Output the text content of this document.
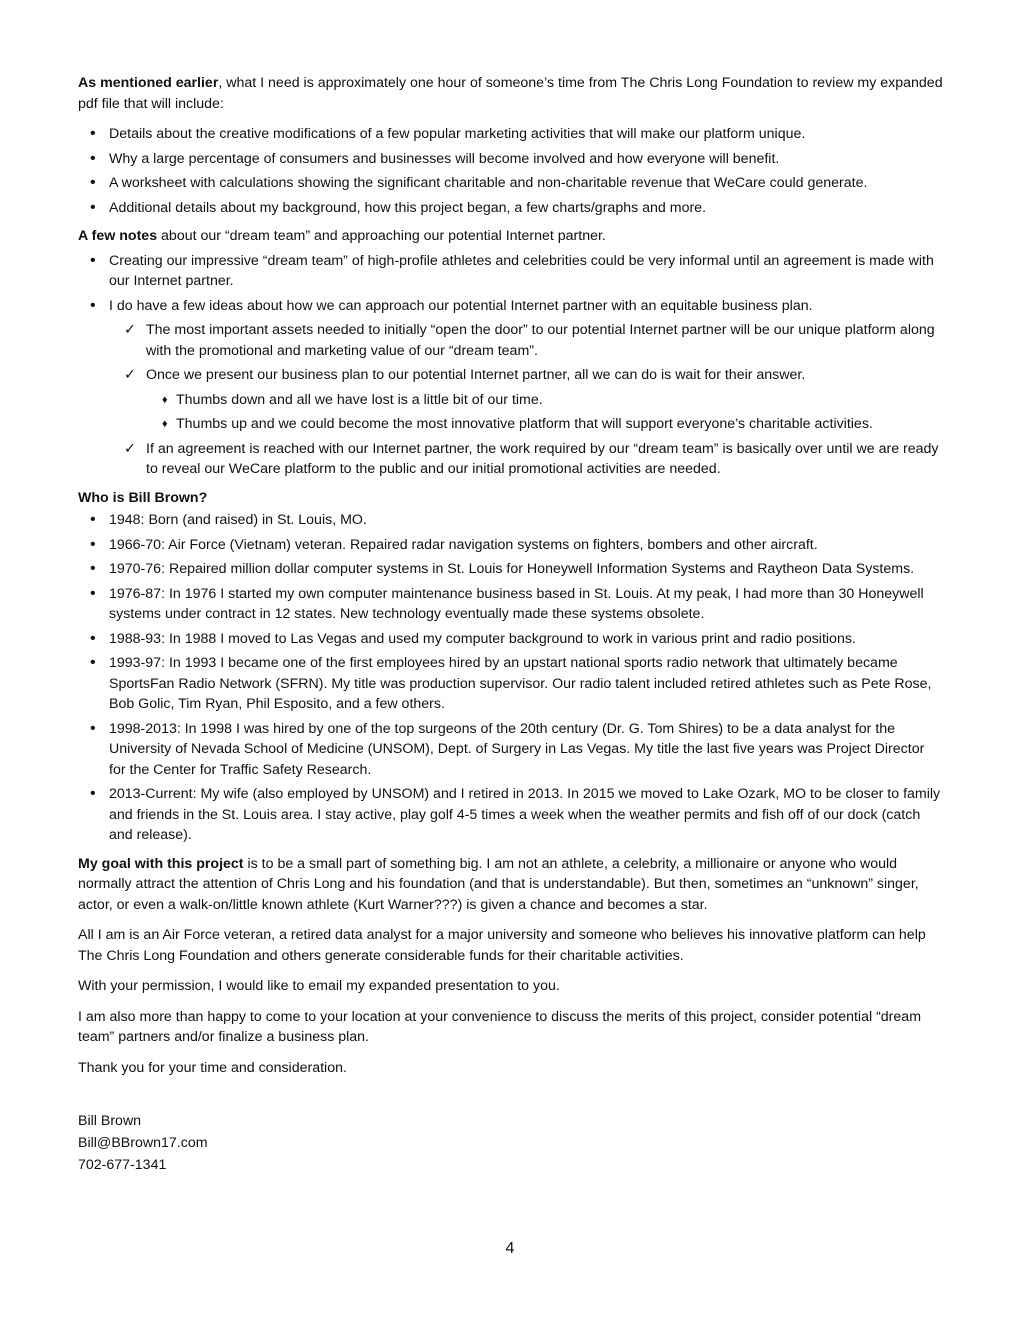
As mentioned earlier, what I need is approximately one hour of someone’s time from The Chris Long Foundation to review my expanded pdf file that will include:

• Details about the creative modifications of a few popular marketing activities that will make our platform unique.
• Why a large percentage of consumers and businesses will become involved and how everyone will benefit.
• A worksheet with calculations showing the significant charitable and non-charitable revenue that WeCare could generate.
• Additional details about my background, how this project began, a few charts/graphs and more.

A few notes about our “dream team” and approaching our potential Internet partner.

• Creating our impressive “dream team” of high-profile athletes and celebrities could be very informal until an agreement is made with our Internet partner.
• I do have a few ideas about how we can approach our potential Internet partner with an equitable business plan.
✓ The most important assets needed to initially “open the door” to our potential Internet partner will be our unique platform along with the promotional and marketing value of our “dream team”.
✓ Once we present our business plan to our potential Internet partner, all we can do is wait for their answer.
♦ Thumbs down and all we have lost is a little bit of our time.
♦ Thumbs up and we could become the most innovative platform that will support everyone’s charitable activities.
✓ If an agreement is reached with our Internet partner, the work required by our “dream team” is basically over until we are ready to reveal our WeCare platform to the public and our initial promotional activities are needed.

Who is Bill Brown?

• 1948: Born (and raised) in St. Louis, MO.
• 1966-70: Air Force (Vietnam) veteran. Repaired radar navigation systems on fighters, bombers and other aircraft.
• 1970-76: Repaired million dollar computer systems in St. Louis for Honeywell Information Systems and Raytheon Data Systems.
• 1976-87: In 1976 I started my own computer maintenance business based in St. Louis. At my peak, I had more than 30 Honeywell systems under contract in 12 states. New technology eventually made these systems obsolete.
• 1988-93: In 1988 I moved to Las Vegas and used my computer background to work in various print and radio positions.
• 1993-97: In 1993 I became one of the first employees hired by an upstart national sports radio network that ultimately became SportsFan Radio Network (SFRN). My title was production supervisor. Our radio talent included retired athletes such as Pete Rose, Bob Golic, Tim Ryan, Phil Esposito, and a few others.
• 1998-2013: In 1998 I was hired by one of the top surgeons of the 20th century (Dr. G. Tom Shires) to be a data analyst for the University of Nevada School of Medicine (UNSOM), Dept. of Surgery in Las Vegas. My title the last five years was Project Director for the Center for Traffic Safety Research.
• 2013-Current: My wife (also employed by UNSOM) and I retired in 2013. In 2015 we moved to Lake Ozark, MO to be closer to family and friends in the St. Louis area. I stay active, play golf 4-5 times a week when the weather permits and fish off of our dock (catch and release).

My goal with this project is to be a small part of something big. I am not an athlete, a celebrity, a millionaire or anyone who would normally attract the attention of Chris Long and his foundation (and that is understandable). But then, sometimes an “unknown” singer, actor, or even a walk-on/little known athlete (Kurt Warner???) is given a chance and becomes a star.

All I am is an Air Force veteran, a retired data analyst for a major university and someone who believes his innovative platform can help The Chris Long Foundation and others generate considerable funds for their charitable activities.

With your permission, I would like to email my expanded presentation to you.

I am also more than happy to come to your location at your convenience to discuss the merits of this project, consider potential “dream team” partners and/or finalize a business plan.

Thank you for your time and consideration.

Bill Brown
Bill@BBrown17.com
702-677-1341
4
